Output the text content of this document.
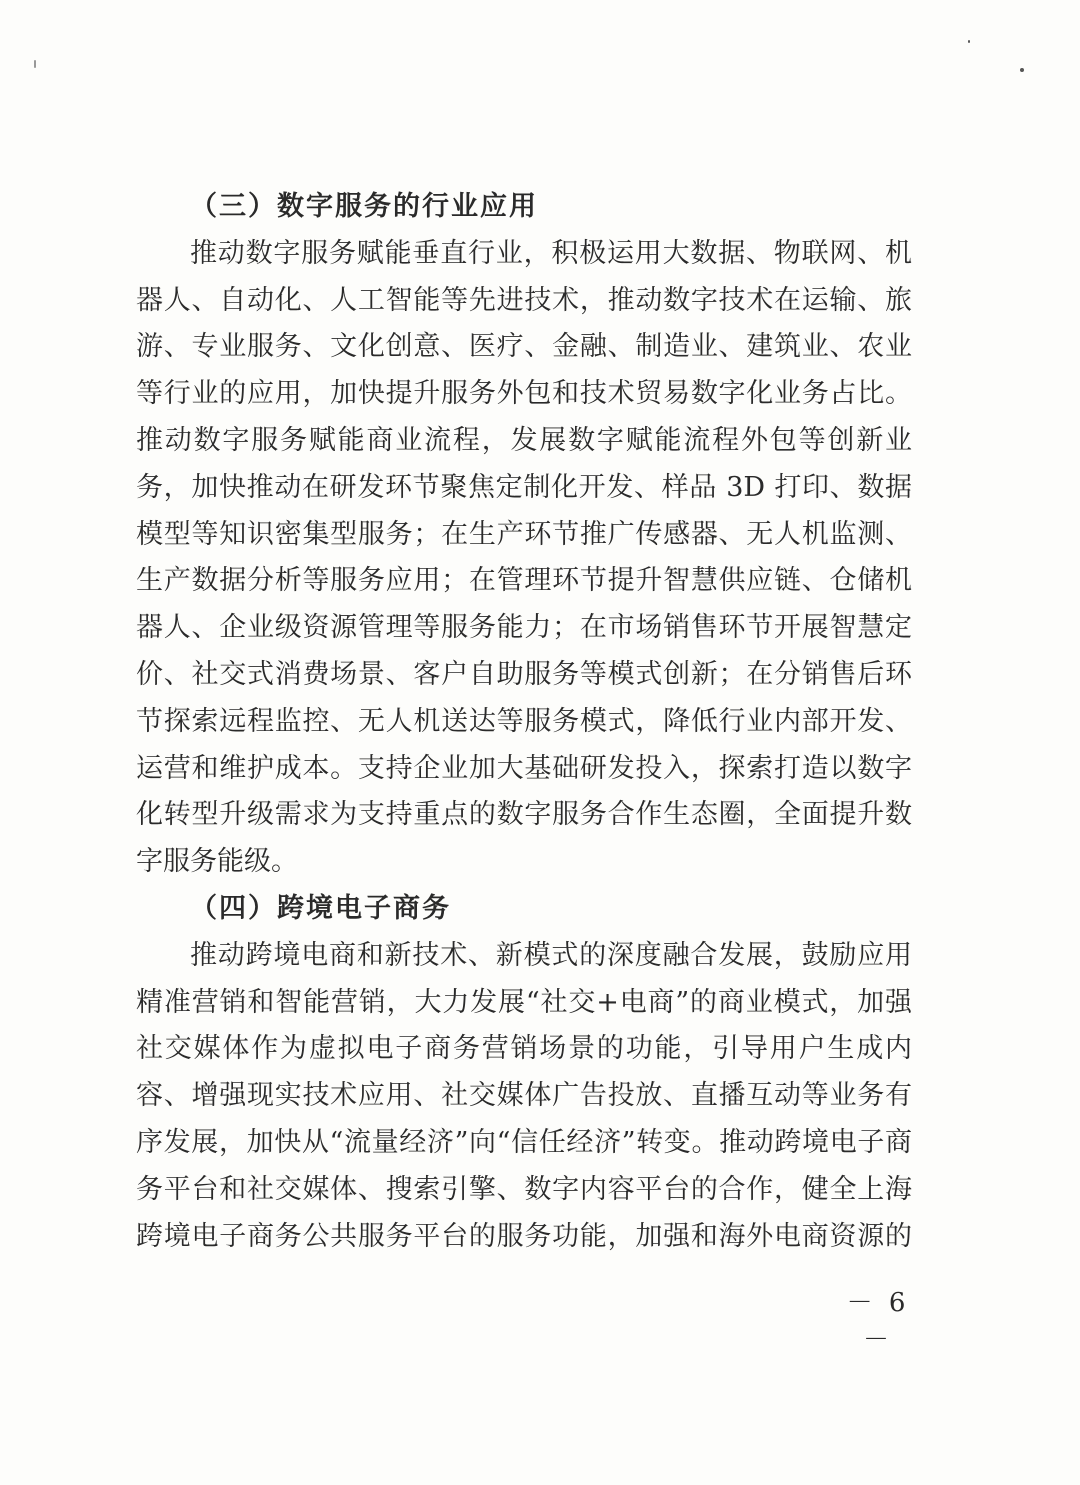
（三）数字服务的行业应用
推动数字服务赋能垂直行业，积极运用大数据、物联网、机
器人、自动化、人工智能等先进技术，推动数字技术在运输、旅
游、专业服务、文化创意、医疗、金融、制造业、建筑业、农业
等行业的应用，加快提升服务外包和技术贸易数字化业务占比。
推动数字服务赋能商业流程，发展数字赋能流程外包等创新业
务，加快推动在研发环节聚焦定制化开发、样品 3D 打印、数据
模型等知识密集型服务；在生产环节推广传感器、无人机监测、
生产数据分析等服务应用；在管理环节提升智慧供应链、仓储机
器人、企业级资源管理等服务能力；在市场销售环节开展智慧定
价、社交式消费场景、客户自助服务等模式创新；在分销售后环
节探索远程监控、无人机送达等服务模式，降低行业内部开发、
运营和维护成本。支持企业加大基础研发投入，探索打造以数字
化转型升级需求为支持重点的数字服务合作生态圈，全面提升数
字服务能级。
（四）跨境电子商务
推动跨境电商和新技术、新模式的深度融合发展，鼓励应用
精准营销和智能营销，大力发展“社交+电商”的商业模式，加强
社交媒体作为虚拟电子商务营销场景的功能，引导用户生成内
容、增强现实技术应用、社交媒体广告投放、直播互动等业务有
序发展，加快从“流量经济”向“信任经济”转变。推动跨境电子商
务平台和社交媒体、搜索引擎、数字内容平台的合作，健全上海
跨境电子商务公共服务平台的服务功能，加强和海外电商资源的
－ 6 －
